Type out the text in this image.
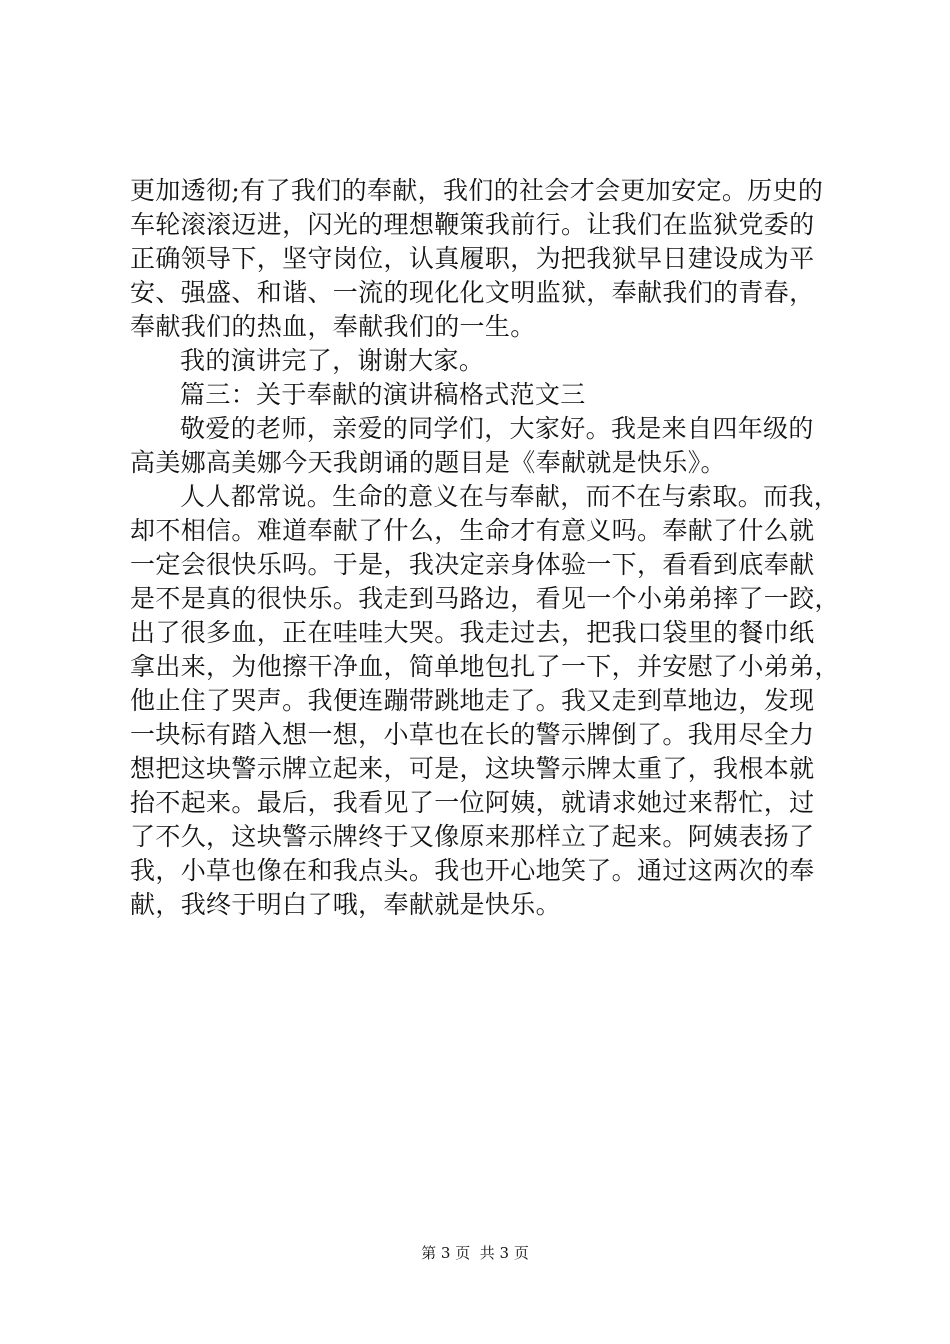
更加透彻;有了我们的奉献，我们的社会才会更加安定。历史的
车轮滚滚迈进，闪光的理想鞭策我前行。让我们在监狱党委的
正确领导下，坚守岗位，认真履职，为把我狱早日建设成为平
安、强盛、和谐、一流的现化化文明监狱，奉献我们的青春，
奉献我们的热血，奉献我们的一生。
我的演讲完了，谢谢大家。
篇三：关于奉献的演讲稿格式范文三
敬爱的老师，亲爱的同学们，大家好。我是来自四年级的
高美娜高美娜今天我朗诵的题目是《奉献就是快乐》。
人人都常说。生命的意义在与奉献，而不在与索取。而我，
却不相信。难道奉献了什么，生命才有意义吗。奉献了什么就
一定会很快乐吗。于是，我决定亲身体验一下，看看到底奉献
是不是真的很快乐。我走到马路边，看见一个小弟弟摔了一跤，
出了很多血，正在哇哇大哭。我走过去，把我口袋里的餐巾纸
拿出来，为他擦干净血，简单地包扎了一下，并安慰了小弟弟，
他止住了哭声。我便连蹦带跳地走了。我又走到草地边，发现
一块标有踏入想一想，小草也在长的警示牌倒了。我用尽全力
想把这块警示牌立起来，可是，这块警示牌太重了，我根本就
抬不起来。最后，我看见了一位阿姨，就请求她过来帮忙，过
了不久，这块警示牌终于又像原来那样立了起来。阿姨表扬了
我，小草也像在和我点头。我也开心地笑了。通过这两次的奉
献，我终于明白了哦，奉献就是快乐。
第 3 页  共 3 页
